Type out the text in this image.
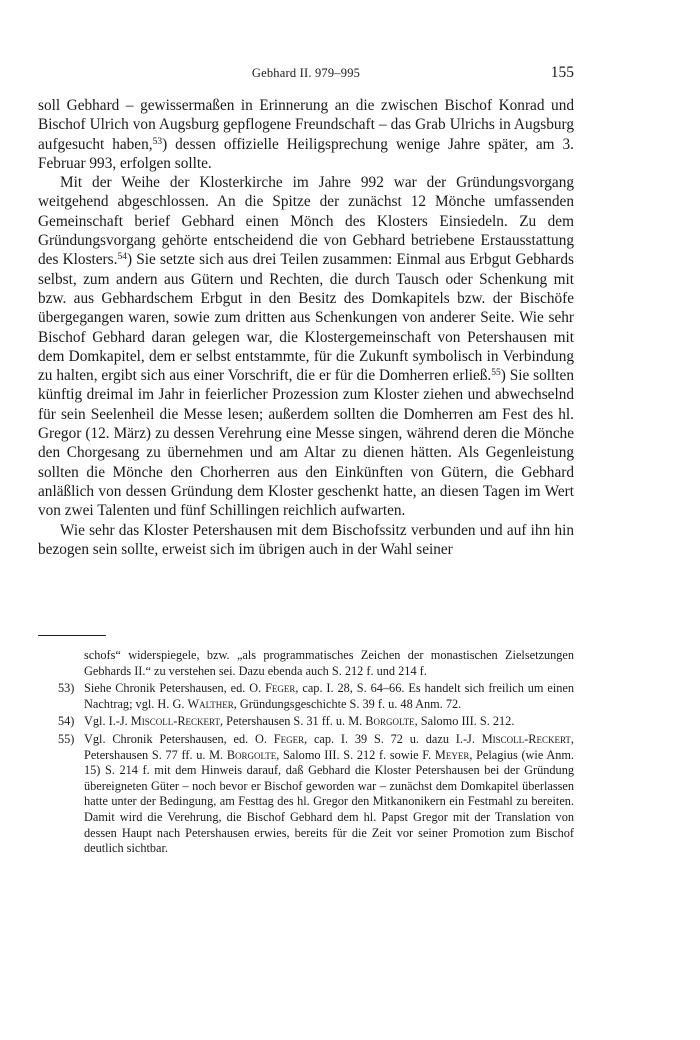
Gebhard II. 979–995	155

soll Gebhard – gewissermaßen in Erinnerung an die zwischen Bischof Konrad und Bischof Ulrich von Augsburg gepflogene Freundschaft – das Grab Ulrichs in Augsburg aufgesucht haben,$^{53}$) dessen offizielle Heiligsprechung wenige Jahre später, am 3. Februar 993, erfolgen sollte.

Mit der Weihe der Klosterkirche im Jahre 992 war der Gründungsvorgang weitgehend abgeschlossen. An die Spitze der zunächst 12 Mönche umfassenden Gemeinschaft berief Gebhard einen Mönch des Klosters Einsiedeln. Zu dem Gründungsvorgang gehörte entscheidend die von Gebhard betriebene Erstausstattung des Klosters.$^{54}$) Sie setzte sich aus drei Teilen zusammen: Einmal aus Erbgut Gebhards selbst, zum andern aus Gütern und Rechten, die durch Tausch oder Schenkung mit bzw. aus Gebhardschem Erbgut in den Besitz des Domkapitels bzw. der Bischöfe übergegangen waren, sowie zum dritten aus Schenkungen von anderer Seite. Wie sehr Bischof Gebhard daran gelegen war, die Klostergemeinschaft von Petershausen mit dem Domkapitel, dem er selbst entstammte, für die Zukunft symbolisch in Verbindung zu halten, ergibt sich aus einer Vorschrift, die er für die Domherren erließ.$^{55}$) Sie sollten künftig dreimal im Jahr in feierlicher Prozession zum Kloster ziehen und abwechselnd für sein Seelenheil die Messe lesen; außerdem sollten die Domherren am Fest des hl. Gregor (12. März) zu dessen Verehrung eine Messe singen, während deren die Mönche den Chorgesang zu übernehmen und am Altar zu dienen hätten. Als Gegenleistung sollten die Mönche den Chorherren aus den Einkünften von Gütern, die Gebhard anläßlich von dessen Gründung dem Kloster geschenkt hatte, an diesen Tagen im Wert von zwei Talenten und fünf Schillingen reichlich aufwarten.

Wie sehr das Kloster Petershausen mit dem Bischofssitz verbunden und auf ihn hin bezogen sein sollte, erweist sich im übrigen auch in der Wahl seiner

schofs“ widerspiegele, bzw. „als programmatisches Zeichen der monastischen Zielsetzungen Gebhards II.“ zu verstehen sei. Dazu ebenda auch S. 212 f. und 214 f.

53) Siehe Chronik Petershausen, ed. O. Feger, cap. I. 28, S. 64–66. Es handelt sich freilich um einen Nachtrag; vgl. H. G. Walther, Gründungsgeschichte S. 39 f. u. 48 Anm. 72.
54) Vgl. I.-J. Miscoll-Reckert, Petershausen S. 31 ff. u. M. Borgolte, Salomo III. S. 212.
55) Vgl. Chronik Petershausen, ed. O. Feger, cap. I. 39 S. 72 u. dazu I.-J. Miscoll-Reckert, Petershausen S. 77 ff. u. M. Borgolte, Salomo III. S. 212 f. sowie F. Meyer, Pelagius (wie Anm. 15) S. 214 f. mit dem Hinweis darauf, daß Gebhard die Kloster Petershausen bei der Gründung übereigneten Güter – noch bevor er Bischof geworden war – zunächst dem Domkapitel überlassen hatte unter der Bedingung, am Festtag des hl. Gregor den Mitkanonikern ein Festmahl zu bereiten. Damit wird die Verehrung, die Bischof Gebhard dem hl. Papst Gregor mit der Translation von dessen Haupt nach Petershausen erwies, bereits für die Zeit vor seiner Promotion zum Bischof deutlich sichtbar.
